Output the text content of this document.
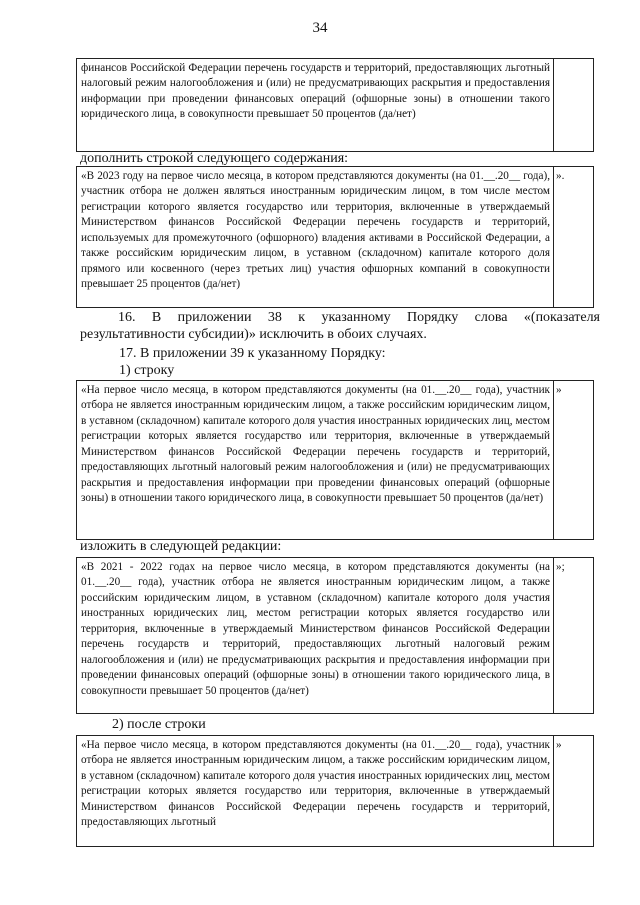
34
финансов Российской Федерации перечень государств и территорий, предоставляющих льготный налоговый режим налогообложения и (или) не предусматривающих раскрытия и предоставления информации при проведении финансовых операций (офшорные зоны) в отношении такого юридического лица, в совокупности превышает 50 процентов (да/нет)
дополнить строкой следующего содержания:
«В 2023 году на первое число месяца, в котором представляются документы (на 01.__.20__ года), участник отбора не должен являться иностранным юридическим лицом, в том числе местом регистрации которого является государство или территория, включенные в утверждаемый Министерством финансов Российской Федерации перечень государств и территорий, используемых для промежуточного (офшорного) владения активами в Российской Федерации, а также российским юридическим лицом, в уставном (складочном) капитале которого доля прямого или косвенного (через третьих лиц) участия офшорных компаний в совокупности превышает 25 процентов (да/нет)
».
16. В приложении 38 к указанному Порядку слова «(показателя результативности субсидии)» исключить в обоих случаях.
17. В приложении 39 к указанному Порядку:
1) строку
«На первое число месяца, в котором представляются документы (на 01.__.20__ года), участник отбора не является иностранным юридическим лицом, а также российским юридическим лицом, в уставном (складочном) капитале которого доля участия иностранных юридических лиц, местом регистрации которых является государство или территория, включенные в утверждаемый Министерством финансов Российской Федерации перечень государств и территорий, предоставляющих льготный налоговый режим налогообложения и (или) не предусматривающих раскрытия и предоставления информации при проведении финансовых операций (офшорные зоны) в отношении такого юридического лица, в совокупности превышает 50 процентов (да/нет)
»
изложить в следующей редакции:
«В 2021 - 2022 годах на первое число месяца, в котором представляются документы (на 01.__.20__ года), участник отбора не является иностранным юридическим лицом, а также российским юридическим лицом, в уставном (складочном) капитале которого доля участия иностранных юридических лиц, местом регистрации которых является государство или территория, включенные в утверждаемый Министерством финансов Российской Федерации перечень государств и территорий, предоставляющих льготный налоговый режим налогообложения и (или) не предусматривающих раскрытия и предоставления информации при проведении финансовых операций (офшорные зоны) в отношении такого юридического лица, в совокупности превышает 50 процентов (да/нет)
»;
2) после строки
«На первое число месяца, в котором представляются документы (на 01.__.20__ года), участник отбора не является иностранным юридическим лицом, а также российским юридическим лицом, в уставном (складочном) капитале которого доля участия иностранных юридических лиц, местом регистрации которых является государство или территория, включенные в утверждаемый Министерством финансов Российской Федерации перечень государств и территорий, предоставляющих льготный
»
